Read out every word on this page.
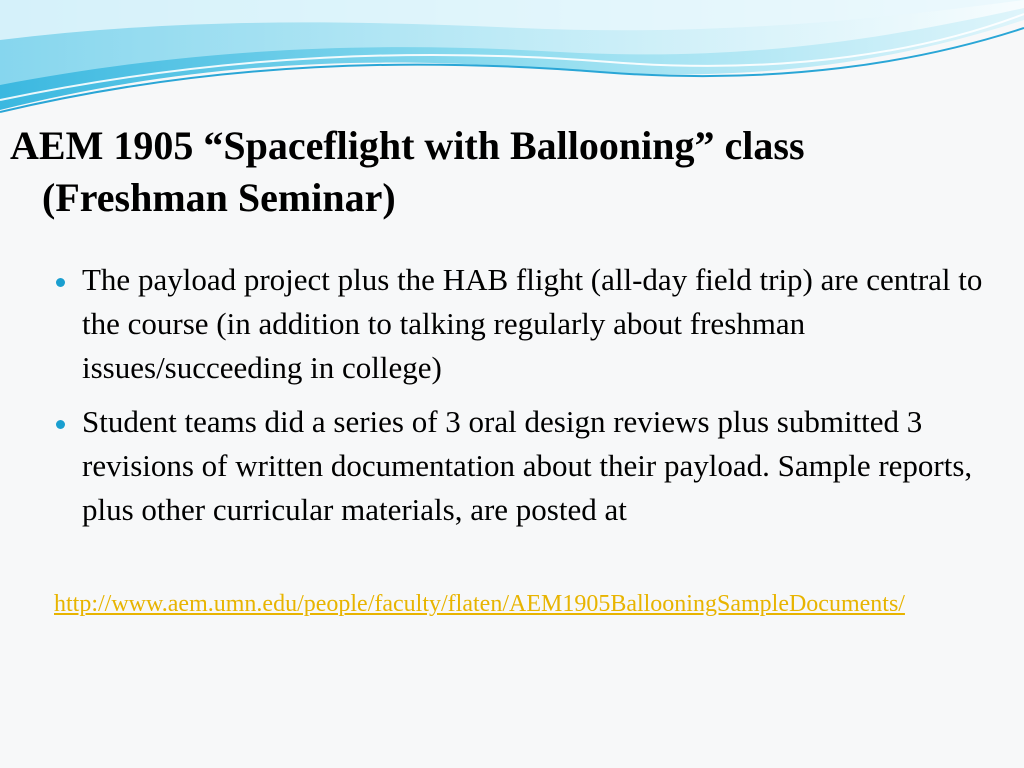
AEM 1905 “Spaceflight with Ballooning” class
(Freshman Seminar)
The payload project plus the HAB flight (all-day field trip) are central to the course (in addition to talking regularly about freshman issues/succeeding in college)
Student teams did a series of 3 oral design reviews plus submitted 3 revisions of written documentation about their payload. Sample reports, plus other curricular materials, are posted at
http://www.aem.umn.edu/people/faculty/flaten/AEM1905BallooningSampleDocuments/
